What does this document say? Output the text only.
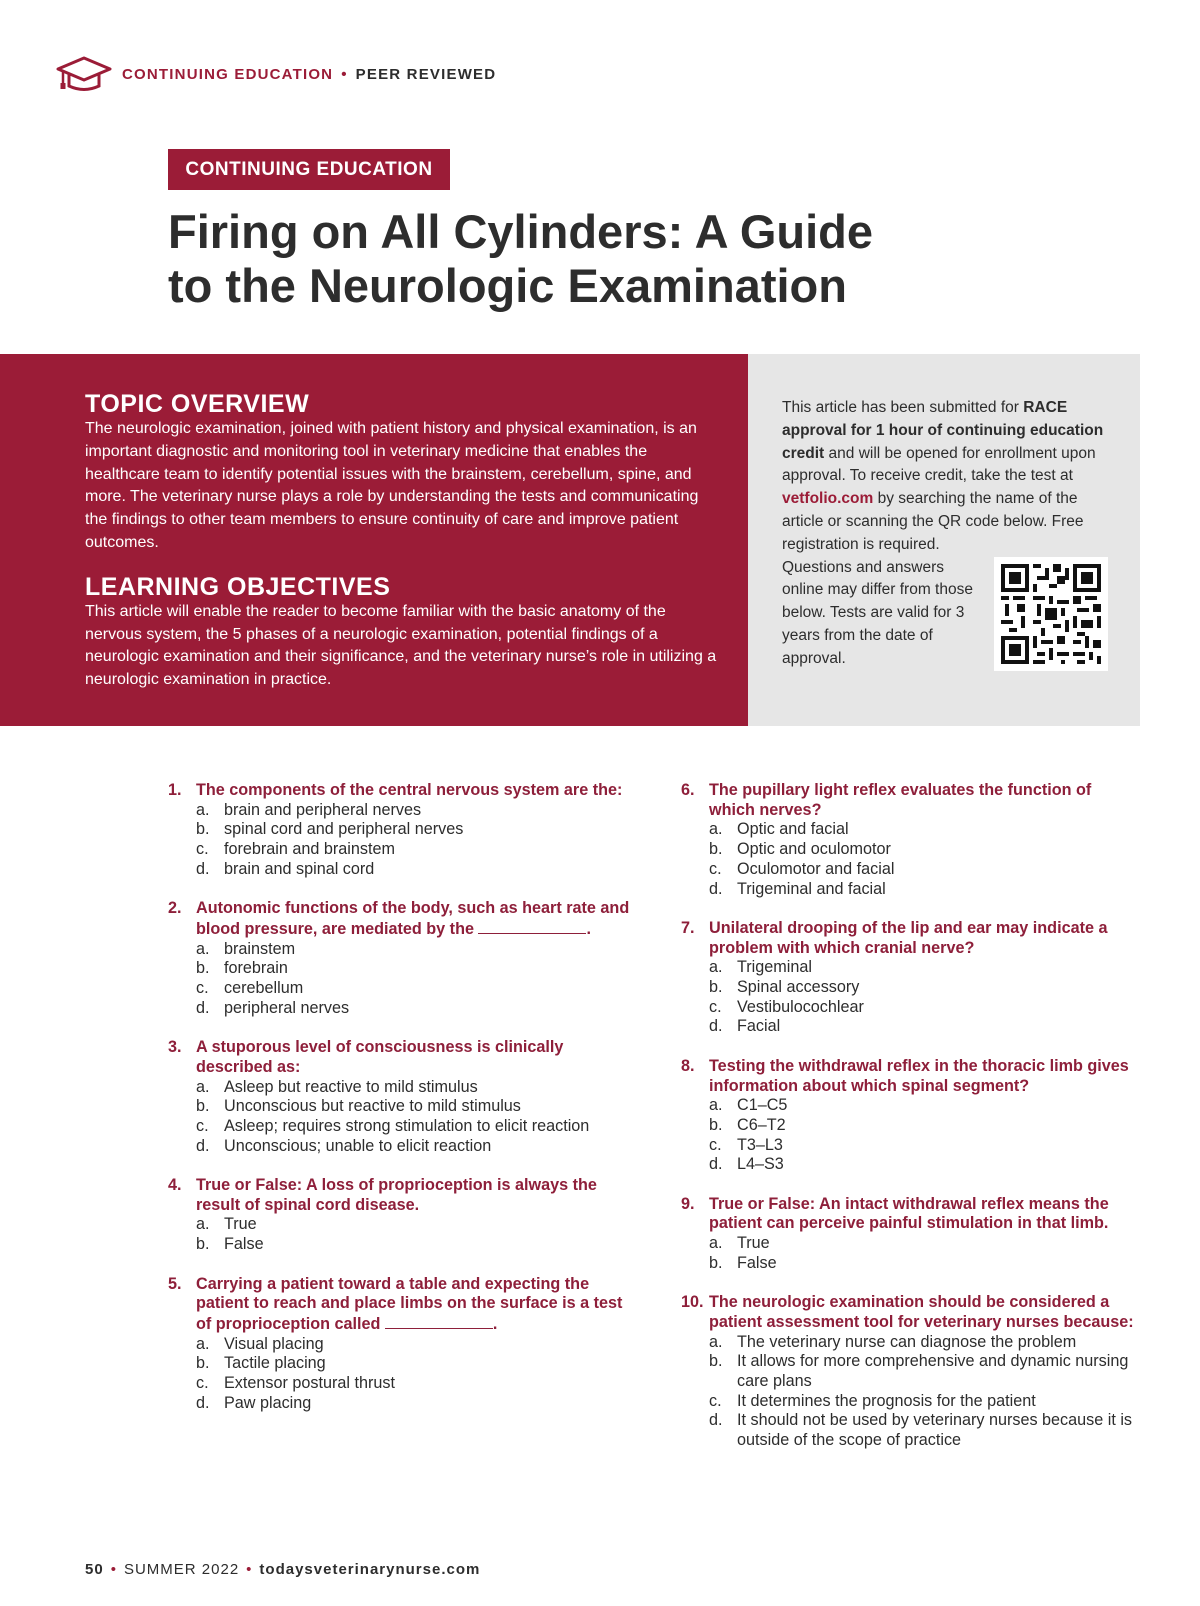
CONTINUING EDUCATION • PEER REVIEWED
CONTINUING EDUCATION
Firing on All Cylinders: A Guide
to the Neurologic Examination
TOPIC OVERVIEW

The neurologic examination, joined with patient history and physical examination, is an important diagnostic and monitoring tool in veterinary medicine that enables the healthcare team to identify potential issues with the brainstem, cerebellum, spine, and more. The veterinary nurse plays a role by understanding the tests and communicating the findings to other team members to ensure continuity of care and improve patient outcomes.

LEARNING OBJECTIVES

This article will enable the reader to become familiar with the basic anatomy of the nervous system, the 5 phases of a neurologic examination, potential findings of a neurologic examination and their significance, and the veterinary nurse’s role in utilizing a neurologic examination in practice.

This article has been submitted for RACE approval for 1 hour of continuing education credit and will be opened for enrollment upon approval. To receive credit, take the test at vetfolio.com by searching the name of the article or scanning the QR code below. Free registration is required.

Questions and answers online may differ from those below. Tests are valid for 3 years from the date of approval.

1. The components of the central nervous system are the:
a. brain and peripheral nerves
b. spinal cord and peripheral nerves
c. forebrain and brainstem
d. brain and spinal cord
2. Autonomic functions of the body, such as heart rate and blood pressure, are mediated by the	.
a. brainstem
b. forebrain
c. cerebellum
d. peripheral nerves
3. A stuporous level of consciousness is clinically described as:
a. Asleep but reactive to mild stimulus
b. Unconscious but reactive to mild stimulus
c. Asleep; requires strong stimulation to elicit reaction
d. Unconscious; unable to elicit reaction
4. True or False: A loss of proprioception is always the result of spinal cord disease.
a. True
b. False
5. Carrying a patient toward a table and expecting the patient to reach and place limbs on the surface is a test of proprioception called	.
a. Visual placing
b. Tactile placing
c. Extensor postural thrust
d. Paw placing
6. The pupillary light reflex evaluates the function of which nerves?
a. Optic and facial
b. Optic and oculomotor
c. Oculomotor and facial
d. Trigeminal and facial
7. Unilateral drooping of the lip and ear may indicate a problem with which cranial nerve?
a. Trigeminal
b. Spinal accessory
c. Vestibulocochlear
d. Facial
8. Testing the withdrawal reflex in the thoracic limb gives information about which spinal segment?
a. C1–C5
b. C6–T2
c. T3–L3
d. L4–S3
9. True or False: An intact withdrawal reflex means the patient can perceive painful stimulation in that limb.
a. True
b. False
10. The neurologic examination should be considered a patient assessment tool for veterinary nurses because:
a. The veterinary nurse can diagnose the problem
b. It allows for more comprehensive and dynamic nursing care plans
c. It determines the prognosis for the patient
d. It should not be used by veterinary nurses because it is outside of the scope of practice
50 • SUMMER 2022 • todaysveterinarynurse.com
